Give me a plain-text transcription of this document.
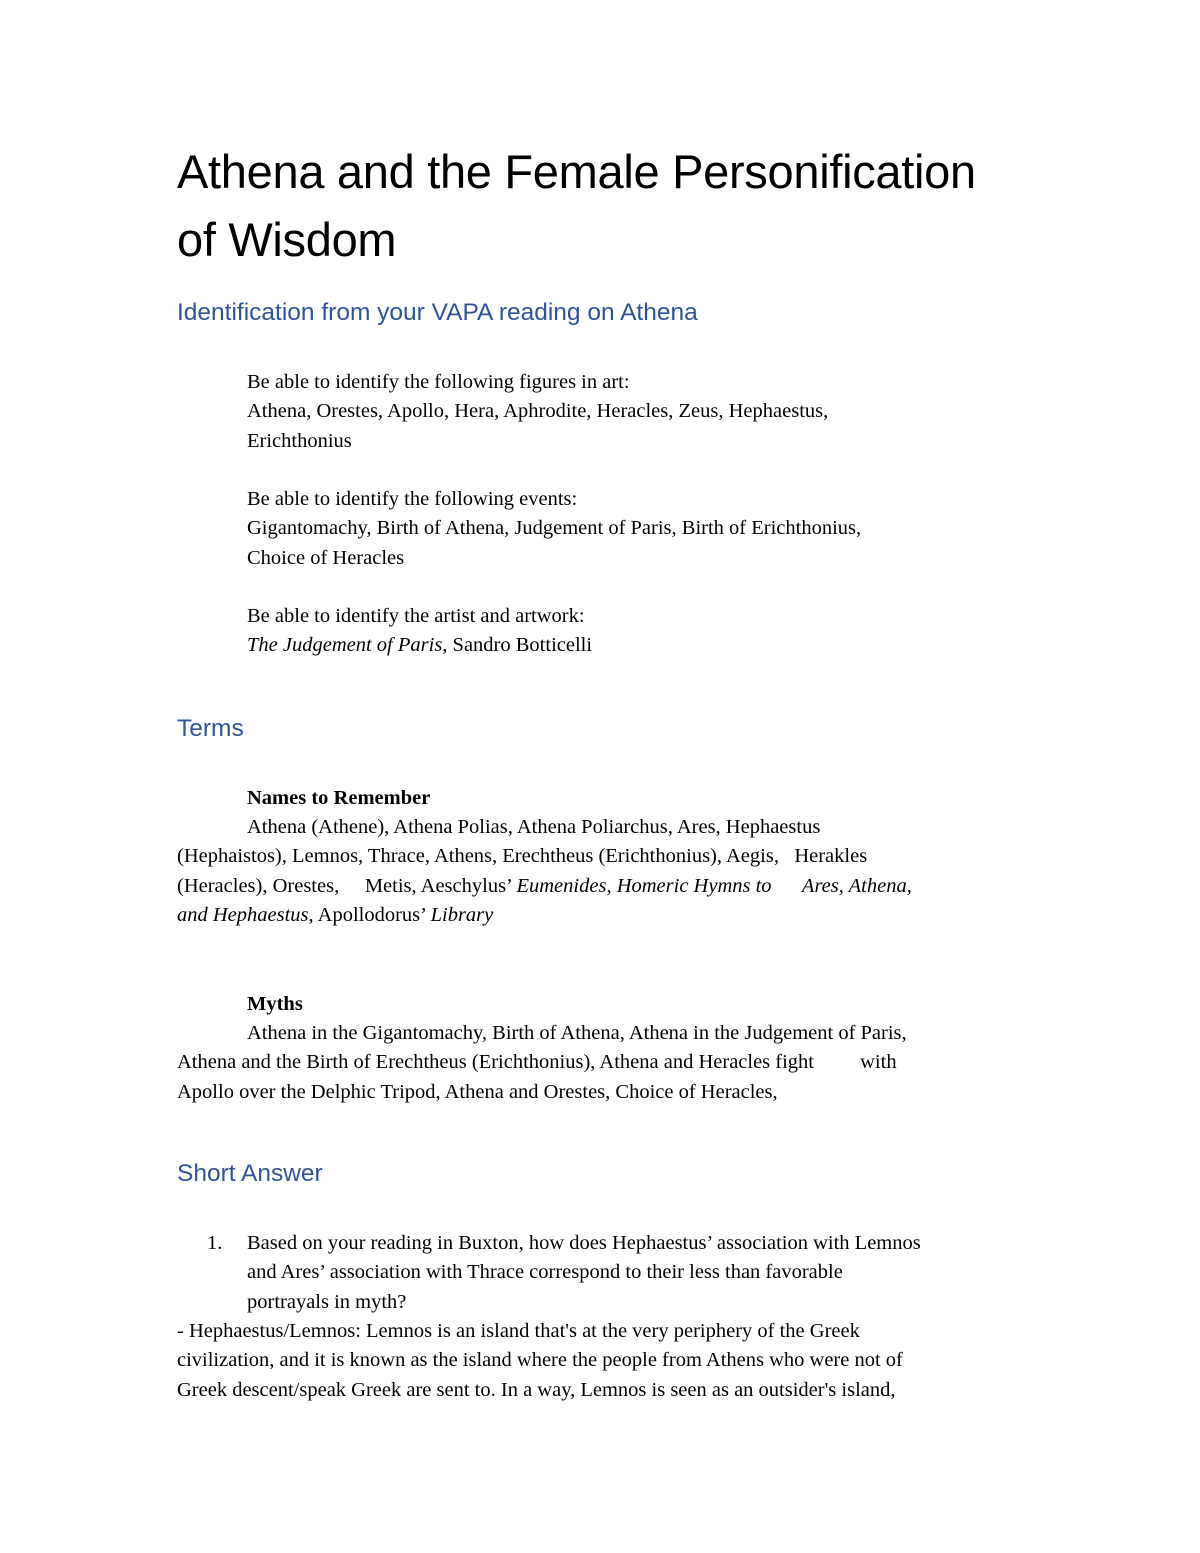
Athena and the Female Personification
of Wisdom
Identification from your VAPA reading on Athena

Be able to identify the following figures in art:
Athena, Orestes, Apollo, Hera, Aphrodite, Heracles, Zeus, Hephaestus,
Erichthonius

Be able to identify the following events:
Gigantomachy, Birth of Athena, Judgement of Paris, Birth of Erichthonius,
Choice of Heracles

Be able to identify the artist and artwork:
The Judgement of Paris, Sandro Botticelli

Terms

Names to Remember

Athena (Athene), Athena Polias, Athena Poliarchus, Ares, Hephaestus
(Hephaistos), Lemnos, Thrace, Athens, Erechtheus (Erichthonius), Aegis,   Herakles
(Heracles), Orestes,     Metis, Aeschylus’ Eumenides, Homeric Hymns to      Ares, Athena,
and Hephaestus, Apollodorus’ Library

Myths

Athena in the Gigantomachy, Birth of Athena, Athena in the Judgement of Paris,
Athena and the Birth of Erechtheus (Erichthonius), Athena and Heracles fight         with
Apollo over the Delphic Tripod, Athena and Orestes, Choice of Heracles,

Short Answer

1. Based on your reading in Buxton, how does Hephaestus’ association with Lemnos
and Ares’ association with Thrace correspond to their less than favorable
portrayals in myth?

- Hephaestus/Lemnos: Lemnos is an island that's at the very periphery of the Greek
civilization, and it is known as the island where the people from Athens who were not of
Greek descent/speak Greek are sent to. In a way, Lemnos is seen as an outsider's island,
